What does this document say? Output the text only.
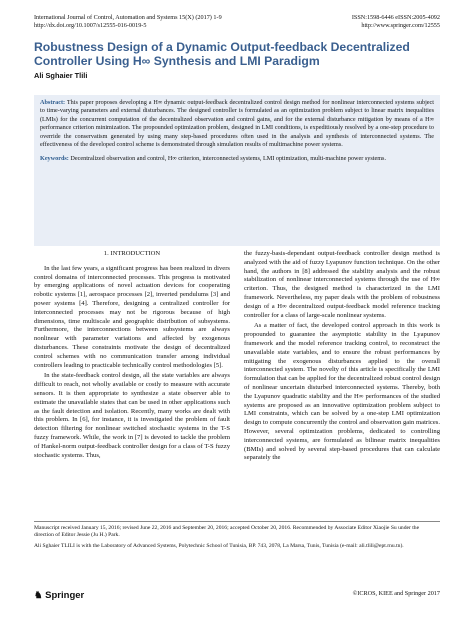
International Journal of Control, Automation and Systems 15(X) (2017) 1-9
http://dx.doi.org/10.1007/s12555-016-0019-5
ISSN:1598-6446 eISSN:2005-4092
http://www.springer.com/12555
Robustness Design of a Dynamic Output-feedback Decentralized Controller Using H∞ Synthesis and LMI Paradigm
Ali Sghaier Tlili
Abstract: This paper proposes developing a H∞ dynamic output-feedback decentralized control design method for nonlinear interconnected systems subject to time-varying parameters and external disturbances. The designed controller is formulated as an optimization problem subject to linear matrix inequalities (LMIs) for the concurrent computation of the decentralized observation and control gains, and for the external disturbance mitigation by means of a H∞ performance criterion minimization. The propounded optimization problem, designed in LMI conditions, is expeditiously resolved by a one-step procedure to override the conservatism generated by using many step-based procedures often used in the analysis and synthesis of interconnected systems. The effectiveness of the developed control scheme is demonstrated through simulation results of multimachine power systems.
Keywords: Decentralized observation and control, H∞ criterion, interconnected systems, LMI optimization, multi-machine power systems.
1. INTRODUCTION

In the last few years, a significant progress has been realized in divers control domains of interconnected processes. This progress is motivated by emerging applications of novel actuation devices for cooperating robotic systems [1], aerospace processes [2], inverted pendulums [3] and power systems [4]. Therefore, designing a centralized controller for interconnected processes may not be rigorous because of high dimensions, time multiscale and geographic distribution of subsystems. Furthermore, the interconnections between subsystems are always nonlinear with parameter variations and affected by exogenous disturbances. These constraints motivate the design of decentralized control schemes with no communication transfer among individual controllers leading to practicable technically control methodologies [5].

In the state-feedback control design, all the state variables are always difficult to reach, not wholly available or costly to measure with accurate sensors. It is then appropriate to synthesize a state observer able to estimate the unavailable states that can be used in other applications such as the fault detection and isolation. Recently, many works are dealt with this problem. In [6], for instance, it is investigated the problem of fault detection filtering for nonlinear switched stochastic systems in the T-S fuzzy framework. While, the work in [7] is devoted to tackle the problem of Hankel-norm output-feedback controller design for a class of T-S fuzzy stochastic systems. Thus,

the fuzzy-basis-dependant output-feedback controller design method is analyzed with the aid of fuzzy Lyapunov function technique. On the other hand, the authors in [8] addressed the stability analysis and the robust stabilization of nonlinear interconnected systems through the use of H∞ criterion. Thus, the designed method is characterized in the LMI framework. Nevertheless, my paper deals with the problem of robustness design of a H∞ decentralized output-feedback model reference tracking controller for a class of large-scale nonlinear systems.

As a matter of fact, the developed control approach in this work is propounded to guarantee the asymptotic stability in the Lyapunov framework and the model reference tracking control, to reconstruct the unavailable state variables, and to ensure the robust performances by mitigating the exogenous disturbances applied to the overall interconnected system. The novelty of this article is specifically the LMI formulation that can be applied for the decentralized robust control design of nonlinear uncertain disturbed interconnected systems. Thereby, both the Lyapunov quadratic stability and the H∞ performances of the studied systems are proposed as an innovative optimization problem subject to LMI constraints, which can be solved by a one-step LMI optimization design to compute concurrently the control and observation gain matrices. However, several optimization problems, dedicated to controlling interconnected systems, are formulated as bilinear matrix inequalities (BMIs) and solved by several step-based procedures that can calculate separately the

Manuscript received January 15, 2016; revised June 22, 2016 and September 20, 2016; accepted October 20, 2016. Recommended by Associate Editor Xiaojie Su under the direction of Editor Jessie (Ju H.) Park.
Ali Sghaier TLILI is with the Laboratory of Advanced Systems, Polytechnic School of Tunisia, BP. 743, 2078, La Marsa, Tunis, Tunisia (e-mail: ali.tlili@ept.rnu.tn).
♞ Springer	©ICROS, KIEE and Springer 2017
